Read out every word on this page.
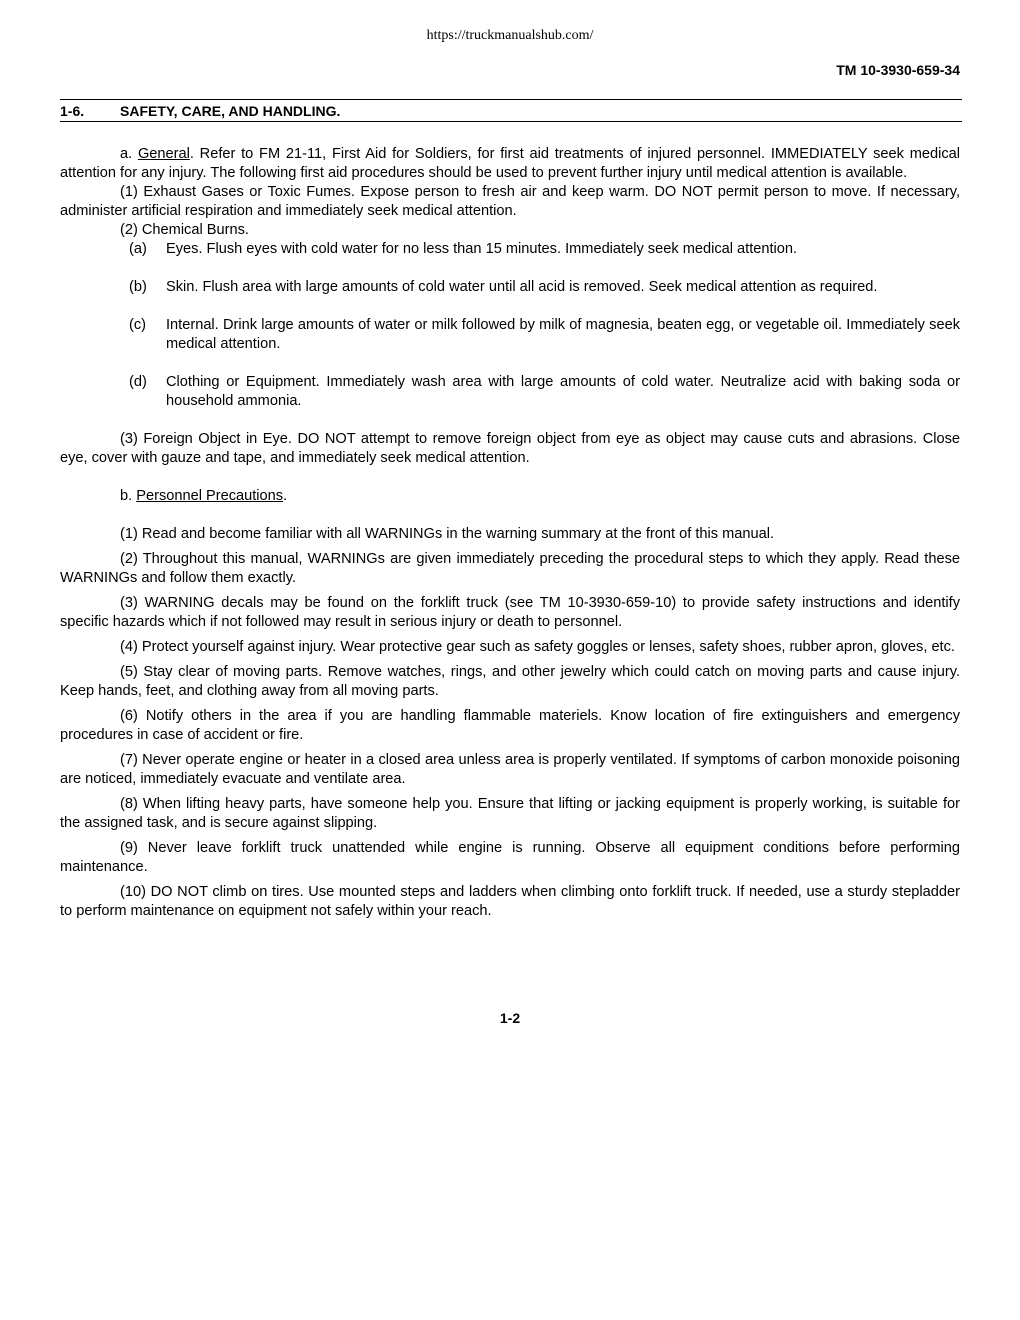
https://truckmanualshub.com/
TM 10-3930-659-34
1-6.	SAFETY, CARE, AND HANDLING.

a. General. Refer to FM 21-11, First Aid for Soldiers, for first aid treatments of injured personnel. IMMEDIATELY seek medical attention for any injury. The following first aid procedures should be used to prevent further injury until medical attention is available.

(1) Exhaust Gases or Toxic Fumes. Expose person to fresh air and keep warm. DO NOT permit person to move. If necessary, administer artificial respiration and immediately seek medical attention.

(2) Chemical Burns.

(a)	Eyes. Flush eyes with cold water for no less than 15 minutes. Immediately seek medical attention.
(b)	Skin. Flush area with large amounts of cold water until all acid is removed. Seek medical attention as required.
(c)	Internal. Drink large amounts of water or milk followed by milk of magnesia, beaten egg, or vegetable oil. Immediately seek medical attention.
(d)	Clothing or Equipment. Immediately wash area with large amounts of cold water. Neutralize acid with baking soda or household ammonia.

(3) Foreign Object in Eye. DO NOT attempt to remove foreign object from eye as object may cause cuts and abrasions. Close eye, cover with gauze and tape, and immediately seek medical attention.

b. Personnel Precautions.

(1) Read and become familiar with all WARNINGs in the warning summary at the front of this manual.

(2) Throughout this manual, WARNINGs are given immediately preceding the procedural steps to which they apply. Read these WARNINGs and follow them exactly.

(3) WARNING decals may be found on the forklift truck (see TM 10-3930-659-10) to provide safety instructions and identify specific hazards which if not followed may result in serious injury or death to personnel.

(4) Protect yourself against injury. Wear protective gear such as safety goggles or lenses, safety shoes, rubber apron, gloves, etc.

(5) Stay clear of moving parts. Remove watches, rings, and other jewelry which could catch on moving parts and cause injury. Keep hands, feet, and clothing away from all moving parts.

(6) Notify others in the area if you are handling flammable materiels. Know location of fire extinguishers and emergency procedures in case of accident or fire.

(7) Never operate engine or heater in a closed area unless area is properly ventilated. If symptoms of carbon monoxide poisoning are noticed, immediately evacuate and ventilate area.

(8) When lifting heavy parts, have someone help you. Ensure that lifting or jacking equipment is properly working, is suitable for the assigned task, and is secure against slipping.

(9) Never leave forklift truck unattended while engine is running. Observe all equipment conditions before performing maintenance.

(10) DO NOT climb on tires. Use mounted steps and ladders when climbing onto forklift truck. If needed, use a sturdy stepladder to perform maintenance on equipment not safely within your reach.

1-2
